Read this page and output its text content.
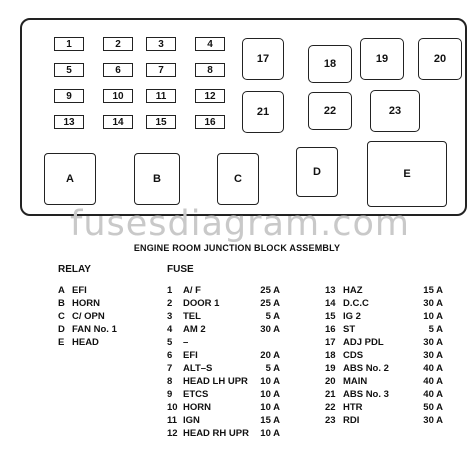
1	2	3	4
5	6	7	8
9	10	11	12
13	14	15	16
17	18	19	20
21	22	23
A	B	C
D	E
fusesdiagram.com
ENGINE ROOM JUNCTION BLOCK ASSEMBLY
RELAY	FUSE
A EFI
B HORN
C C/ OPN
D FAN No. 1
E HEAD
1 A/ F	25 A
2 DOOR 1	25 A
3 TEL	5 A
4 AM 2	30 A
5 –
6 EFI	20 A
7 ALT–S	5 A
8 HEAD LH UPR 10 A
9 ETCS	10 A
10 HORN	10 A
11 IGN	15 A
12 HEAD RH UPR 10 A
13 HAZ	15 A
14 D.C.C	30 A
15 IG 2	10 A
16 ST	5 A
17 ADJ PDL	30 A
18 CDS	30 A
19 ABS No. 2	40 A
20 MAIN	40 A
21 ABS No. 3	40 A
22 HTR	50 A
23 RDI	30 A
